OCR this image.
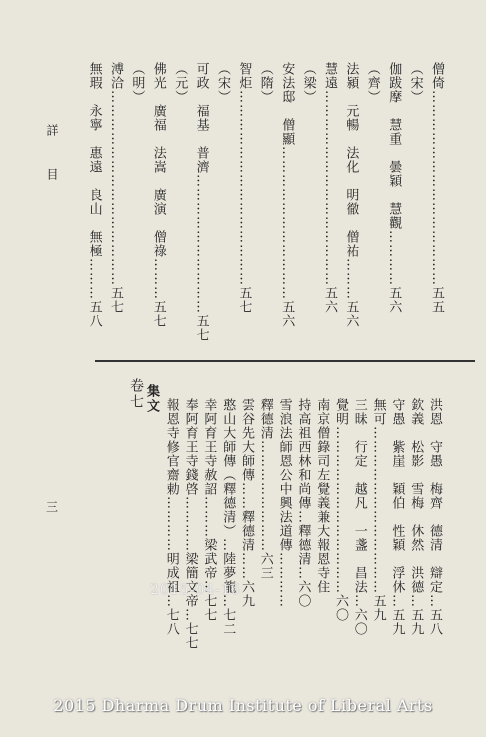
詳 目
三
僧倚……………………………………五五
（宋）
伽跋摩　慧重　曇穎　慧觀…………五六
（齊）
法潁　元暢　法化　明徹　僧祐………五六
慧遠……………………………………五六
（梁）
安法邸　僧顯……………………………五六
（隋）
智炬……………………………………五七
（宋）
可政　福基　普濟…………………………五七
（元）
佛光　廣福　法嵩　廣演　僧祿………五七
（明）
溥洽……………………………………五七
無瑕　永寧　惠遠　良山　無極………五八
卷七 集文	洪恩　守愚　梅齊　德清　辯定…五八
欽義　松影　雪梅　休然　洪德…五九
守愚　紫崖　穎伯　性穎　浮休…五九
無可………………………………五九
三昧　行定　越凡　一盞　昌法…六〇
覺明………………………………六〇
南京僧錄司左覺義兼大報恩寺住
持高祖西林和尚傳…釋德清…六〇
雪浪法師恩公中興法道傳…………
釋德清……………………六三
雲谷先大師傳……釋德清……六九
憨山大師傳（釋德清）…陸夢龍…七二
幸阿育王寺赦詔………梁武帝…七七
奉阿育王寺錢啓…………梁簡文帝…七七
報恩寺修官齋勅…………明成祖…七八
2015-04-16
2015 Dharma Drum Institute of Liberal Arts
